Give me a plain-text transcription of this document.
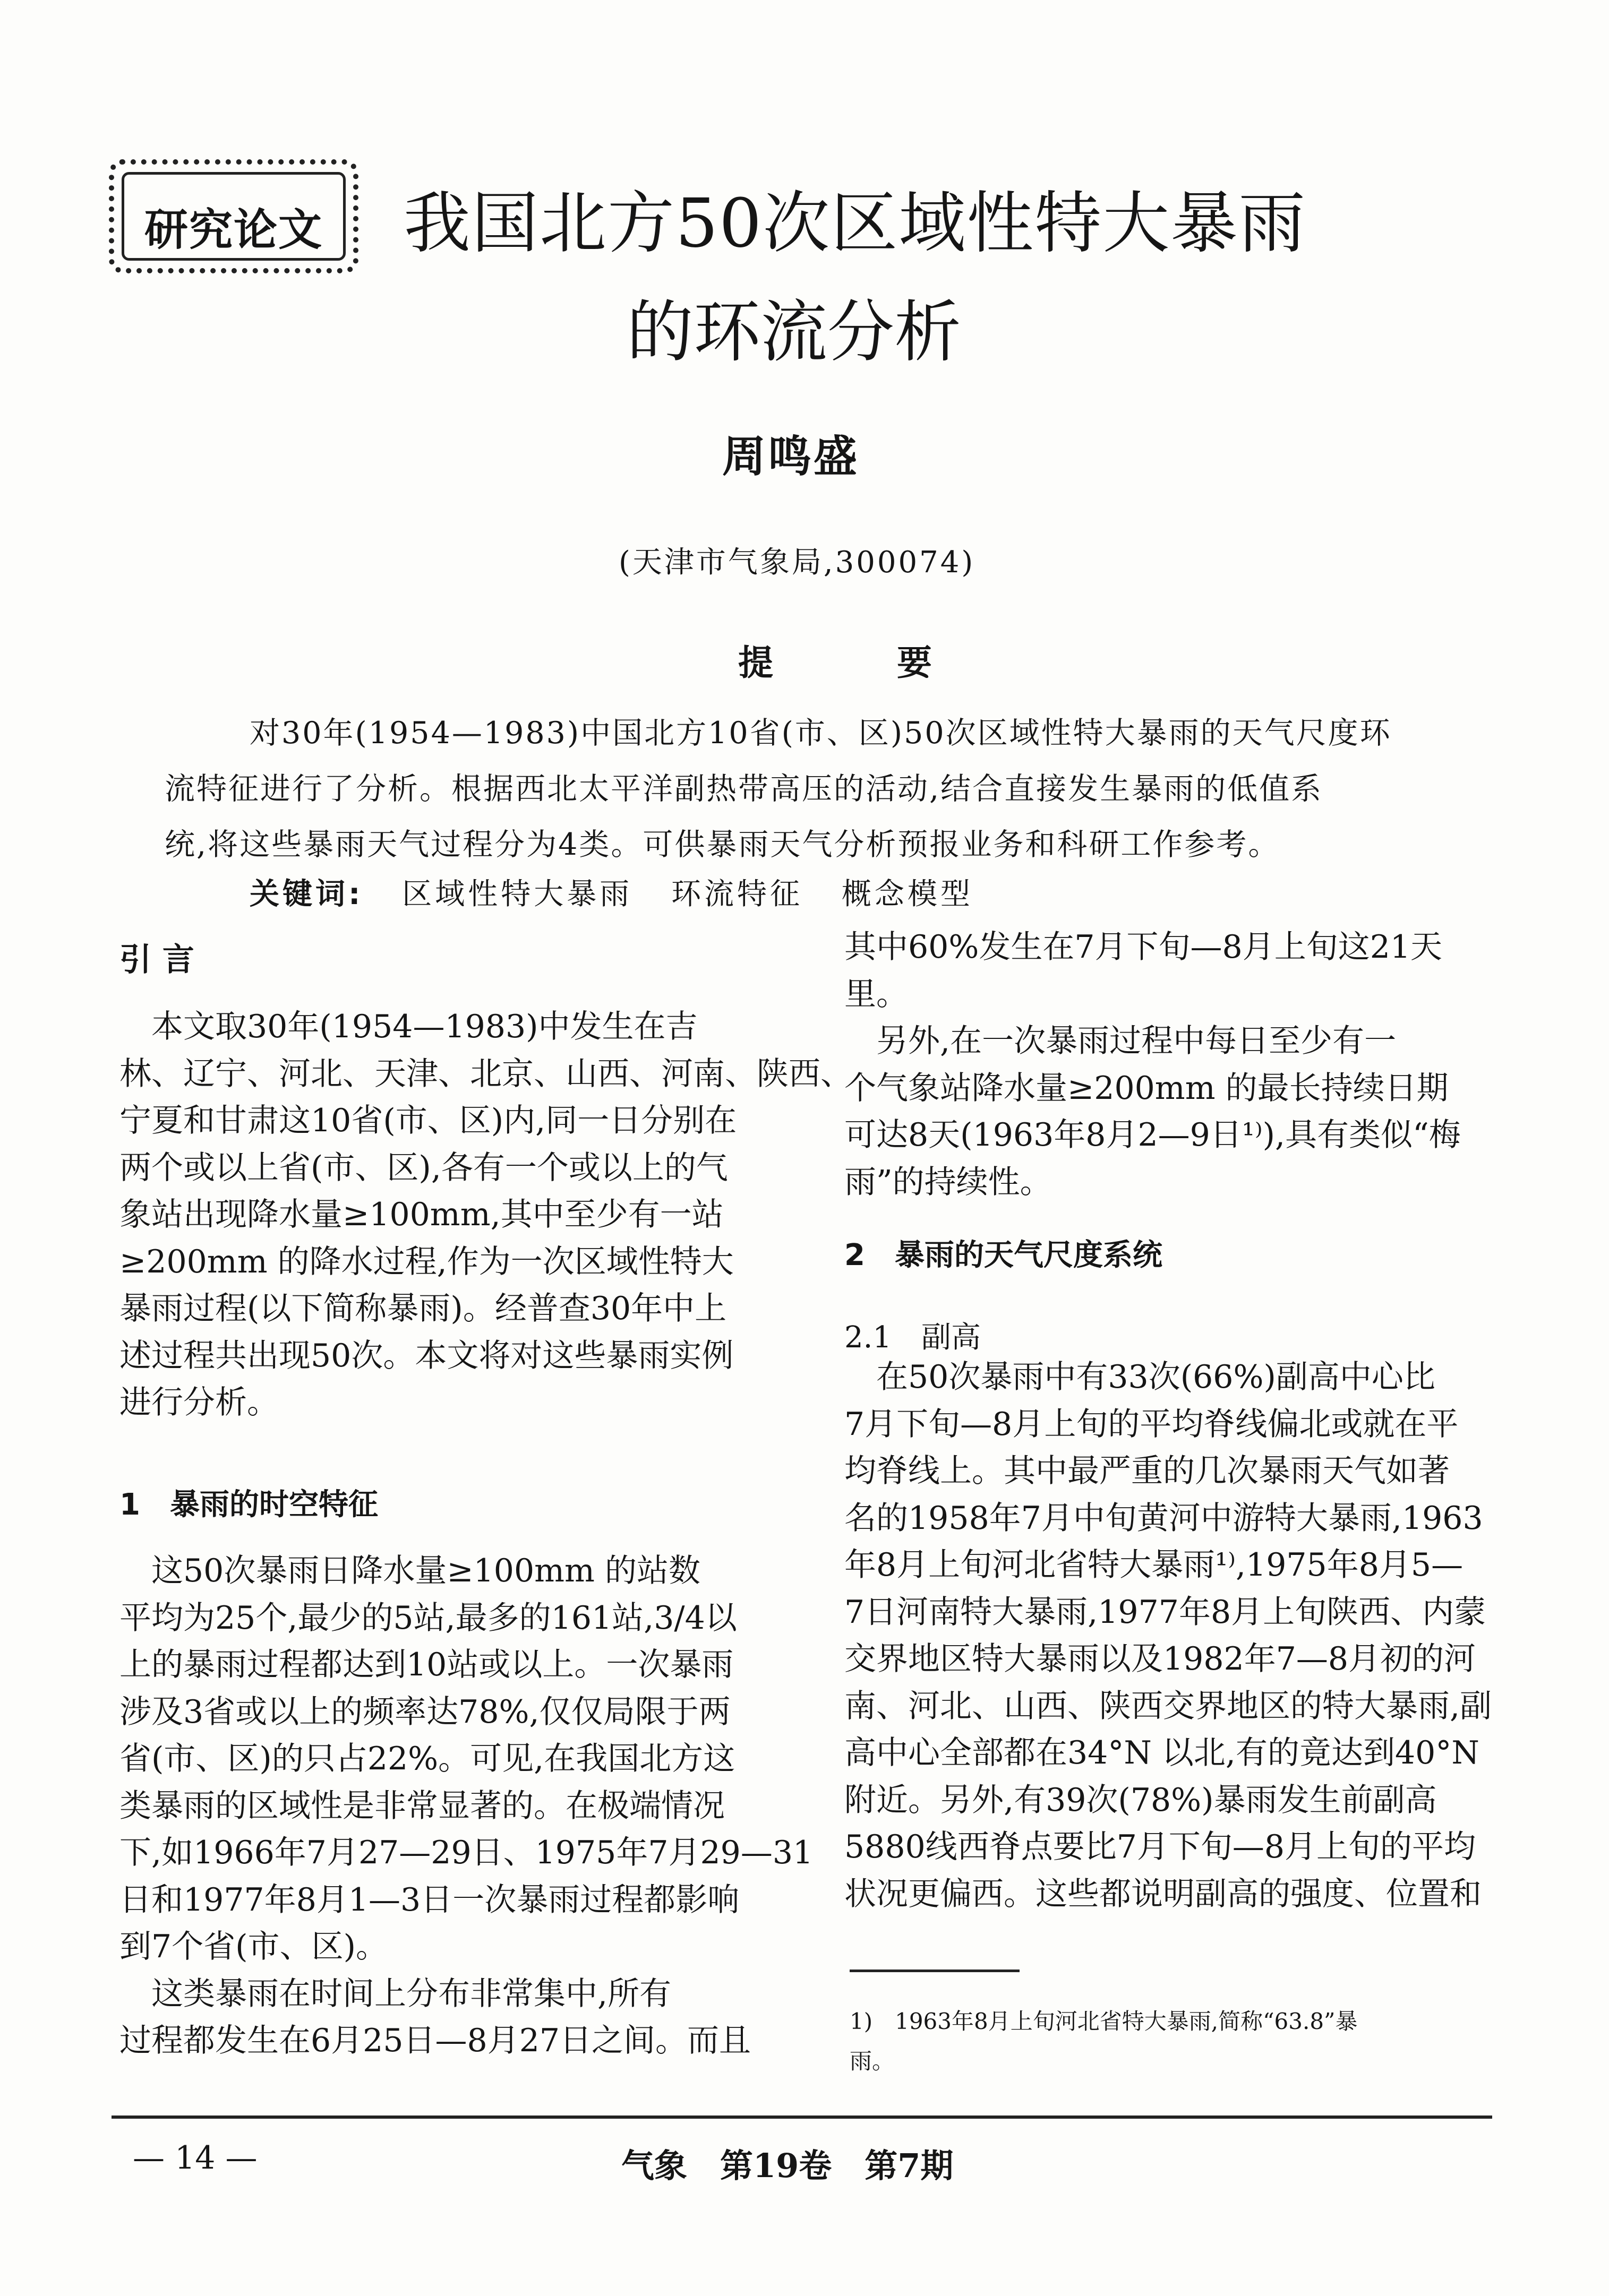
研究论文	我国北方50次区域性特大暴雨
的环流分析
周鸣盛
(天津市气象局,300074)
提 要
对30年(1954—1983)中国北方10省(市、区)50次区域性特大暴雨的天气尺度环
流特征进行了分析。根据西北太平洋副热带高压的活动,结合直接发生暴雨的低值系
统,将这些暴雨天气过程分为4类。可供暴雨天气分析预报业务和科研工作参考。
关键词: 区域性特大暴雨 环流特征 概念模型
引 言
　本文取30年(1954—1983)中发生在吉
林、辽宁、河北、天津、北京、山西、河南、陕西、
宁夏和甘肃这10省(市、区)内,同一日分别在
两个或以上省(市、区),各有一个或以上的气
象站出现降水量≥100mm,其中至少有一站
≥200mm 的降水过程,作为一次区域性特大
暴雨过程(以下简称暴雨)。经普查30年中上
述过程共出现50次。本文将对这些暴雨实例
进行分析。
1　暴雨的时空特征
　这50次暴雨日降水量≥100mm 的站数
平均为25个,最少的5站,最多的161站,3/4以
上的暴雨过程都达到10站或以上。一次暴雨
涉及3省或以上的频率达78%,仅仅局限于两
省(市、区)的只占22%。可见,在我国北方这
类暴雨的区域性是非常显著的。在极端情况
下,如1966年7月27—29日、1975年7月29—31
日和1977年8月1—3日一次暴雨过程都影响
到7个省(市、区)。
　这类暴雨在时间上分布非常集中,所有
过程都发生在6月25日—8月27日之间。而且
其中60%发生在7月下旬—8月上旬这21天
里。
　另外,在一次暴雨过程中每日至少有一
个气象站降水量≥200mm 的最长持续日期
可达8天(1963年8月2—9日¹⁾),具有类似“梅
雨”的持续性。
2　暴雨的天气尺度系统
2.1　副高
　在50次暴雨中有33次(66%)副高中心比
7月下旬—8月上旬的平均脊线偏北或就在平
均脊线上。其中最严重的几次暴雨天气如著
名的1958年7月中旬黄河中游特大暴雨,1963
年8月上旬河北省特大暴雨¹⁾,1975年8月5—
7日河南特大暴雨,1977年8月上旬陕西、内蒙
交界地区特大暴雨以及1982年7—8月初的河
南、河北、山西、陕西交界地区的特大暴雨,副
高中心全部都在34°N 以北,有的竟达到40°N
附近。另外,有39次(78%)暴雨发生前副高
5880线西脊点要比7月下旬—8月上旬的平均
状况更偏西。这些都说明副高的强度、位置和
1)　1963年8月上旬河北省特大暴雨,简称“63.8”暴
雨。
— 14 —	气象　第19卷　第7期
